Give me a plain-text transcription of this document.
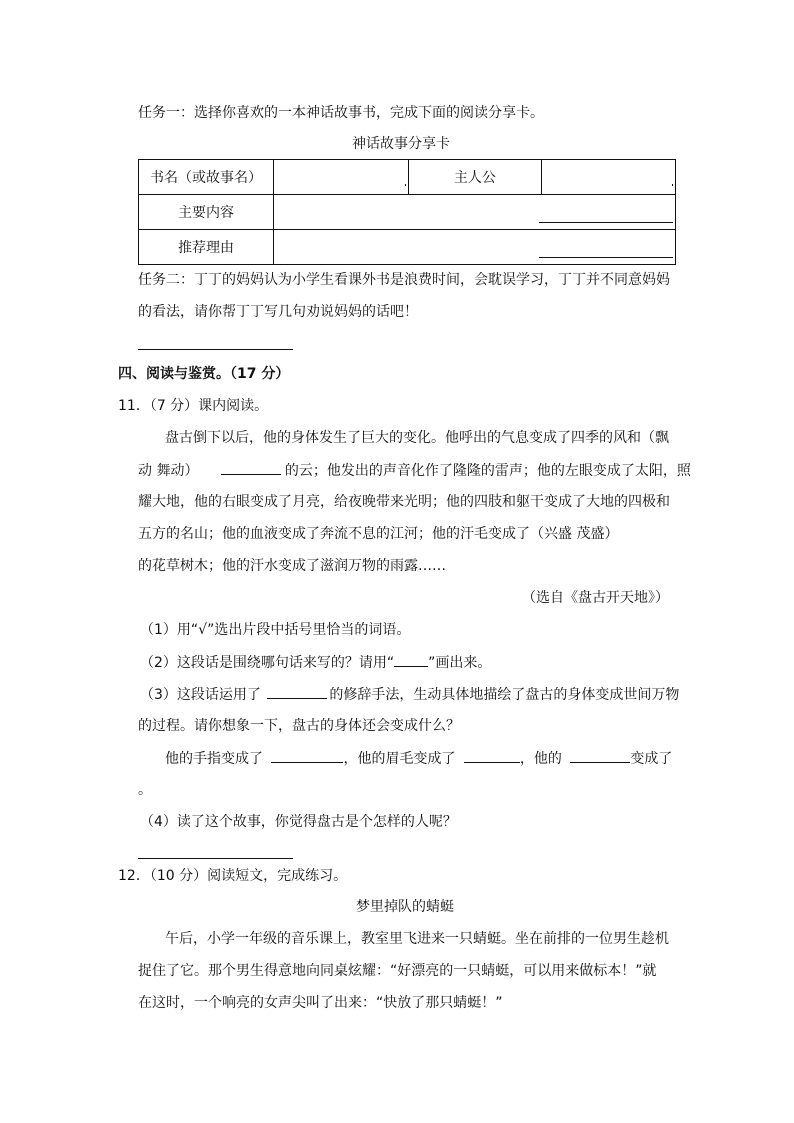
任务一：选择你喜欢的一本神话故事书，完成下面的阅读分享卡。
神话故事分享卡
书名（或故事名）		主人公	

主要内容			

推荐理由			
任务二：丁丁的妈妈认为小学生看课外书是浪费时间，会耽误学习，丁丁并不同意妈妈
的看法，请你帮丁丁写几句劝说妈妈的话吧！
四、阅读与鉴赏。（17 分）
11．（7 分）课内阅读。
盘古倒下以后，他的身体发生了巨大的变化。他呼出的气息变成了四季的风和（飘
动 舞动）	的云；他发出的声音化作了隆隆的雷声；他的左眼变成了太阳，照
耀大地，他的右眼变成了月亮，给夜晚带来光明；他的四肢和躯干变成了大地的四极和
五方的名山；他的血液变成了奔流不息的江河；他的汗毛变成了（兴盛 茂盛）
的花草树木；他的汗水变成了滋润万物的雨露……
（选自《盘古开天地》）
（1）用“√”选出片段中括号里恰当的词语。
（2）这段话是围绕哪句话来写的？请用“ ”画出来。
（3）这段话运用了	的修辞手法，生动具体地描绘了盘古的身体变成世间万物
的过程。请你想象一下，盘古的身体还会变成什么？
他的手指变成了	，他的眉毛变成了	，他的	变成了
。
（4）读了这个故事，你觉得盘古是个怎样的人呢？
12．（10 分）阅读短文，完成练习。
梦里掉队的蜻蜓
午后，小学一年级的音乐课上，教室里飞进来一只蜻蜓。坐在前排的一位男生趁机
捉住了它。那个男生得意地向同桌炫耀：“好漂亮的一只蜻蜓，可以用来做标本！”就
在这时，一个响亮的女声尖叫了出来：“快放了那只蜻蜓！”
